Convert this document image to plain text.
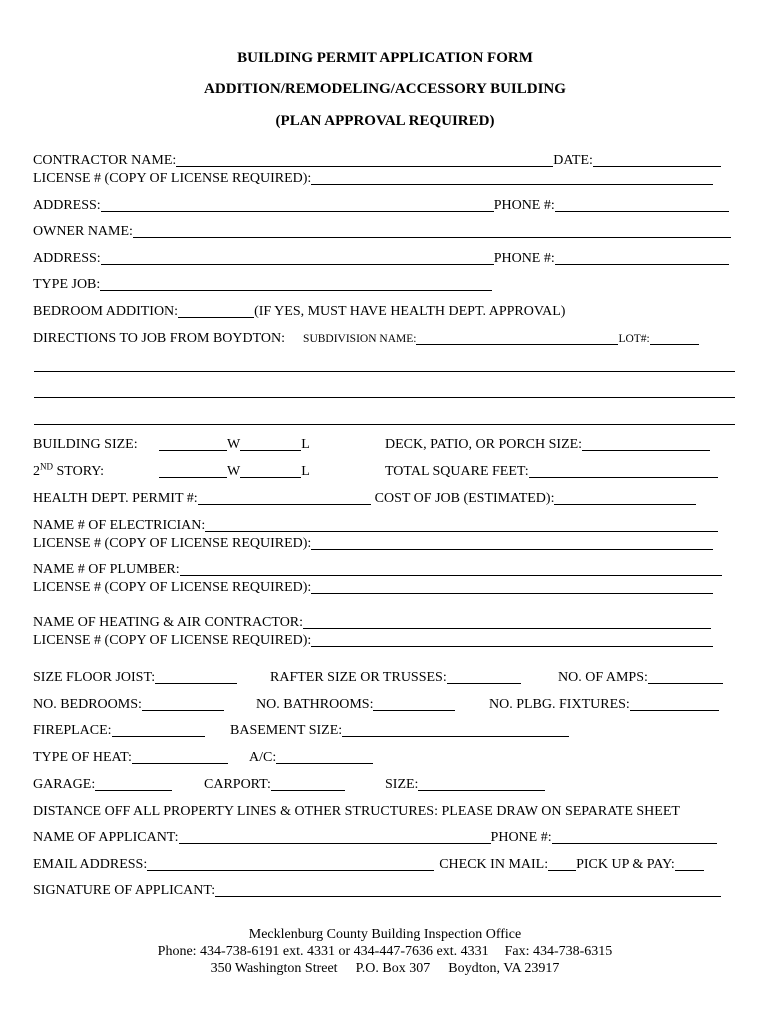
BUILDING PERMIT APPLICATION FORM
ADDITION/REMODELING/ACCESSORY BUILDING
(PLAN APPROVAL REQUIRED)
CONTRACTOR NAME:	DATE:
LICENSE # (COPY OF LICENSE REQUIRED):
ADDRESS:	PHONE #:
OWNER NAME:
ADDRESS:	PHONE #:
TYPE JOB:
BEDROOM ADDITION:	(IF YES, MUST HAVE HEALTH DEPT. APPROVAL)
DIRECTIONS TO JOB FROM BOYDTON: SUBDIVISION NAME:	LOT#:
BUILDING SIZE:	W	L	DECK, PATIO, OR PORCH SIZE:
2ND STORY:	W	L	TOTAL SQUARE FEET:
HEALTH DEPT. PERMIT #:	COST OF JOB (ESTIMATED):
NAME # OF ELECTRICIAN:
LICENSE # (COPY OF LICENSE REQUIRED):
NAME # OF PLUMBER:
LICENSE # (COPY OF LICENSE REQUIRED):
NAME OF HEATING & AIR CONTRACTOR:
LICENSE # (COPY OF LICENSE REQUIRED):
SIZE FLOOR JOIST:	RAFTER SIZE OR TRUSSES:	NO. OF AMPS:
NO. BEDROOMS:	NO. BATHROOMS:	NO. PLBG. FIXTURES:
FIREPLACE:	BASEMENT SIZE:
TYPE OF HEAT:	A/C:
GARAGE:	CARPORT:	SIZE:
DISTANCE OFF ALL PROPERTY LINES & OTHER STRUCTURES: PLEASE DRAW ON SEPARATE SHEET
NAME OF APPLICANT:	PHONE #:
EMAIL ADDRESS:	CHECK IN MAIL: PICK UP & PAY:
SIGNATURE OF APPLICANT:
Mecklenburg County Building Inspection Office
Phone: 434-738-6191 ext. 4331 or 434-447-7636 ext. 4331 Fax: 434-738-6315
350 Washington Street P.O. Box 307 Boydton, VA 23917
